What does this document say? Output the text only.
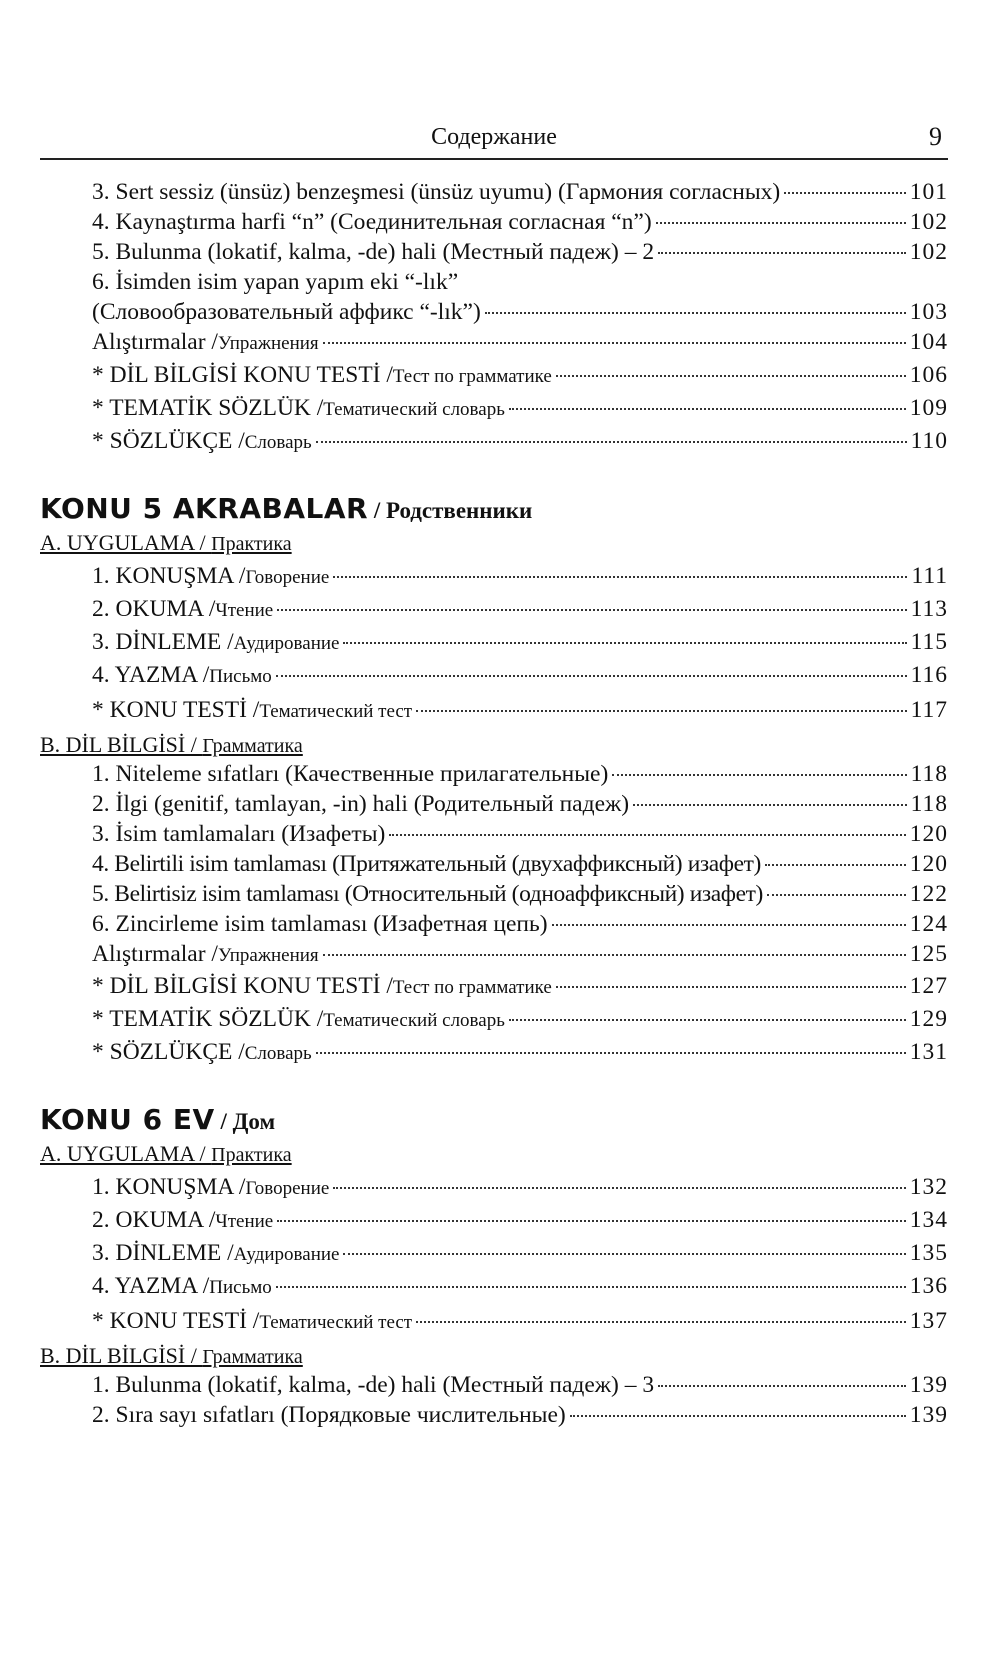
Содержание	9
3. Sert sessiz (ünsüz) benzeşmesi (ünsüz uyumu) (Гармония согласных)	101
4. Kaynaştırma harfi “n” (Соединительная согласная “n”)	102
5. Bulunma (lokatif, kalma, -de) hali (Местный падеж) – 2	102
6. İsimden isim yapan yapım eki “-lık”
(Словообразовательный аффикс “-lık”)	103
Alıştırmalar / Упражнения	104
* DİL BİLGİSİ KONU TESTİ / Тест по грамматике	106
* TEMATİK SÖZLÜK / Тематический словарь	109
* SÖZLÜKÇE / Словарь	110
KONU 5 AKRABALAR / Родственники
A. UYGULAMA / Практика
1. KONUŞMA / Говорение	111
2. OKUMA / Чтение	113
3. DİNLEME / Аудирование	115
4. YAZMA / Письмо	116
* KONU TESTİ / Тематический тест	117
B. DİL BİLGİSİ / Грамматика
1. Niteleme sıfatları (Качественные прилагательные)	118
2. İlgi (genitif, tamlayan, -in) hali (Родительный падеж)	118
3. İsim tamlamaları (Изафеты)	120
4. Belirtili isim tamlaması (Притяжательный (двухаффиксный) изафет)	120
5. Belirtisiz isim tamlaması (Относительный (одноаффиксный) изафет)	122
6. Zincirleme isim tamlaması (Изафетная цепь)	124
Alıştırmalar / Упражнения	125
* DİL BİLGİSİ KONU TESTİ / Тест по грамматике	127
* TEMATİK SÖZLÜK / Тематический словарь	129
* SÖZLÜKÇE / Словарь	131
KONU 6 EV / Дом
A. UYGULAMA / Практика
1. KONUŞMA / Говорение	132
2. OKUMA / Чтение	134
3. DİNLEME / Аудирование	135
4. YAZMA / Письмо	136
* KONU TESTİ / Тематический тест	137
B. DİL BİLGİSİ / Грамматика
1. Bulunma (lokatif, kalma, -de) hali (Местный падеж) – 3	139
2. Sıra sayı sıfatları (Порядковые числительные)	139
